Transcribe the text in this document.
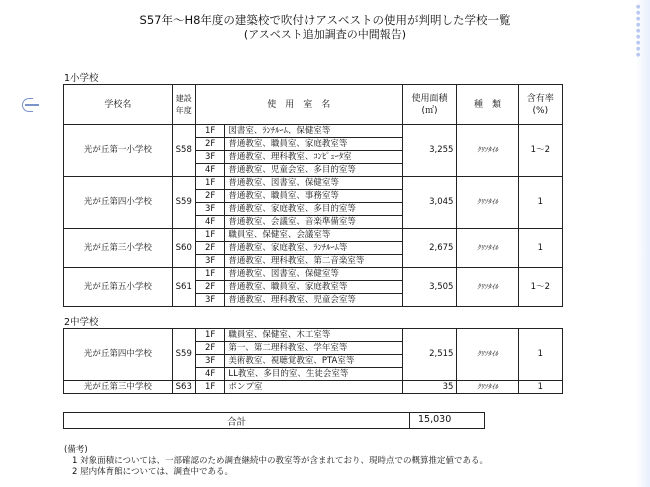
● ● ●
● ● ●
● ●
●
S57年～H8年度の建築校で吹付けアスベストの使用が判明した学校一覧
(アスベスト追加調査の中間報告)
1小学校
学校名	建設年度	使　用　室　名		使用面積(㎡)	種　類	含有率(%)
光が丘第一小学校	S58	1F	図書室、ﾗﾝﾁﾙｰﾑ、保健室等	3,255	ｸﾘｿﾀｲﾙ	1～2
		2F	普通教室、職員室、家庭教室等			
		3F	普通教室、理科教室、ｺﾝﾋﾟｭｰﾀ室			
		4F	普通教室、児童会室、多目的室等			
光が丘第四小学校	S59	1F	普通教室、図書室、保健室等	3,045	ｸﾘｿﾀｲﾙ	1
		2F	普通教室、職員室、事務室等			
		3F	普通教室、家庭教室、多目的室等			
		4F	普通教室、会議室、音楽準備室等			
光が丘第三小学校	S60	1F	職員室、保健室、会議室等	2,675	ｸﾘｿﾀｲﾙ	1
		2F	普通教室、家庭教室、ﾗﾝﾁﾙｰﾑ等			
		3F	普通教室、理科教室、第二音楽室等			
光が丘第五小学校	S61	1F	普通教室、図書室、保健室等	3,505	ｸﾘｿﾀｲﾙ	1～2
		2F	普通教室、職員室、家庭教室等			
		3F	普通教室、理科教室、児童会室等			
2中学校
光が丘第四中学校	S59	1F	職員室、保健室、木工室等	2,515	ｸﾘｿﾀｲﾙ	1
		2F	第一、第二理科教室、学年室等			
		3F	美術教室、視聴覚教室、PTA室等			
		4F	LL教室、多目的室、生徒会室等			
光が丘第三中学校	S63	1F	ポンプ室	35	ｸﾘｿﾀｲﾙ	1
合計	15,030
(備考)
1 対象面積については、一部確認のため調査継続中の教室等が含まれており、現時点での概算推定値である。
2 屋内体育館については、調査中である。
